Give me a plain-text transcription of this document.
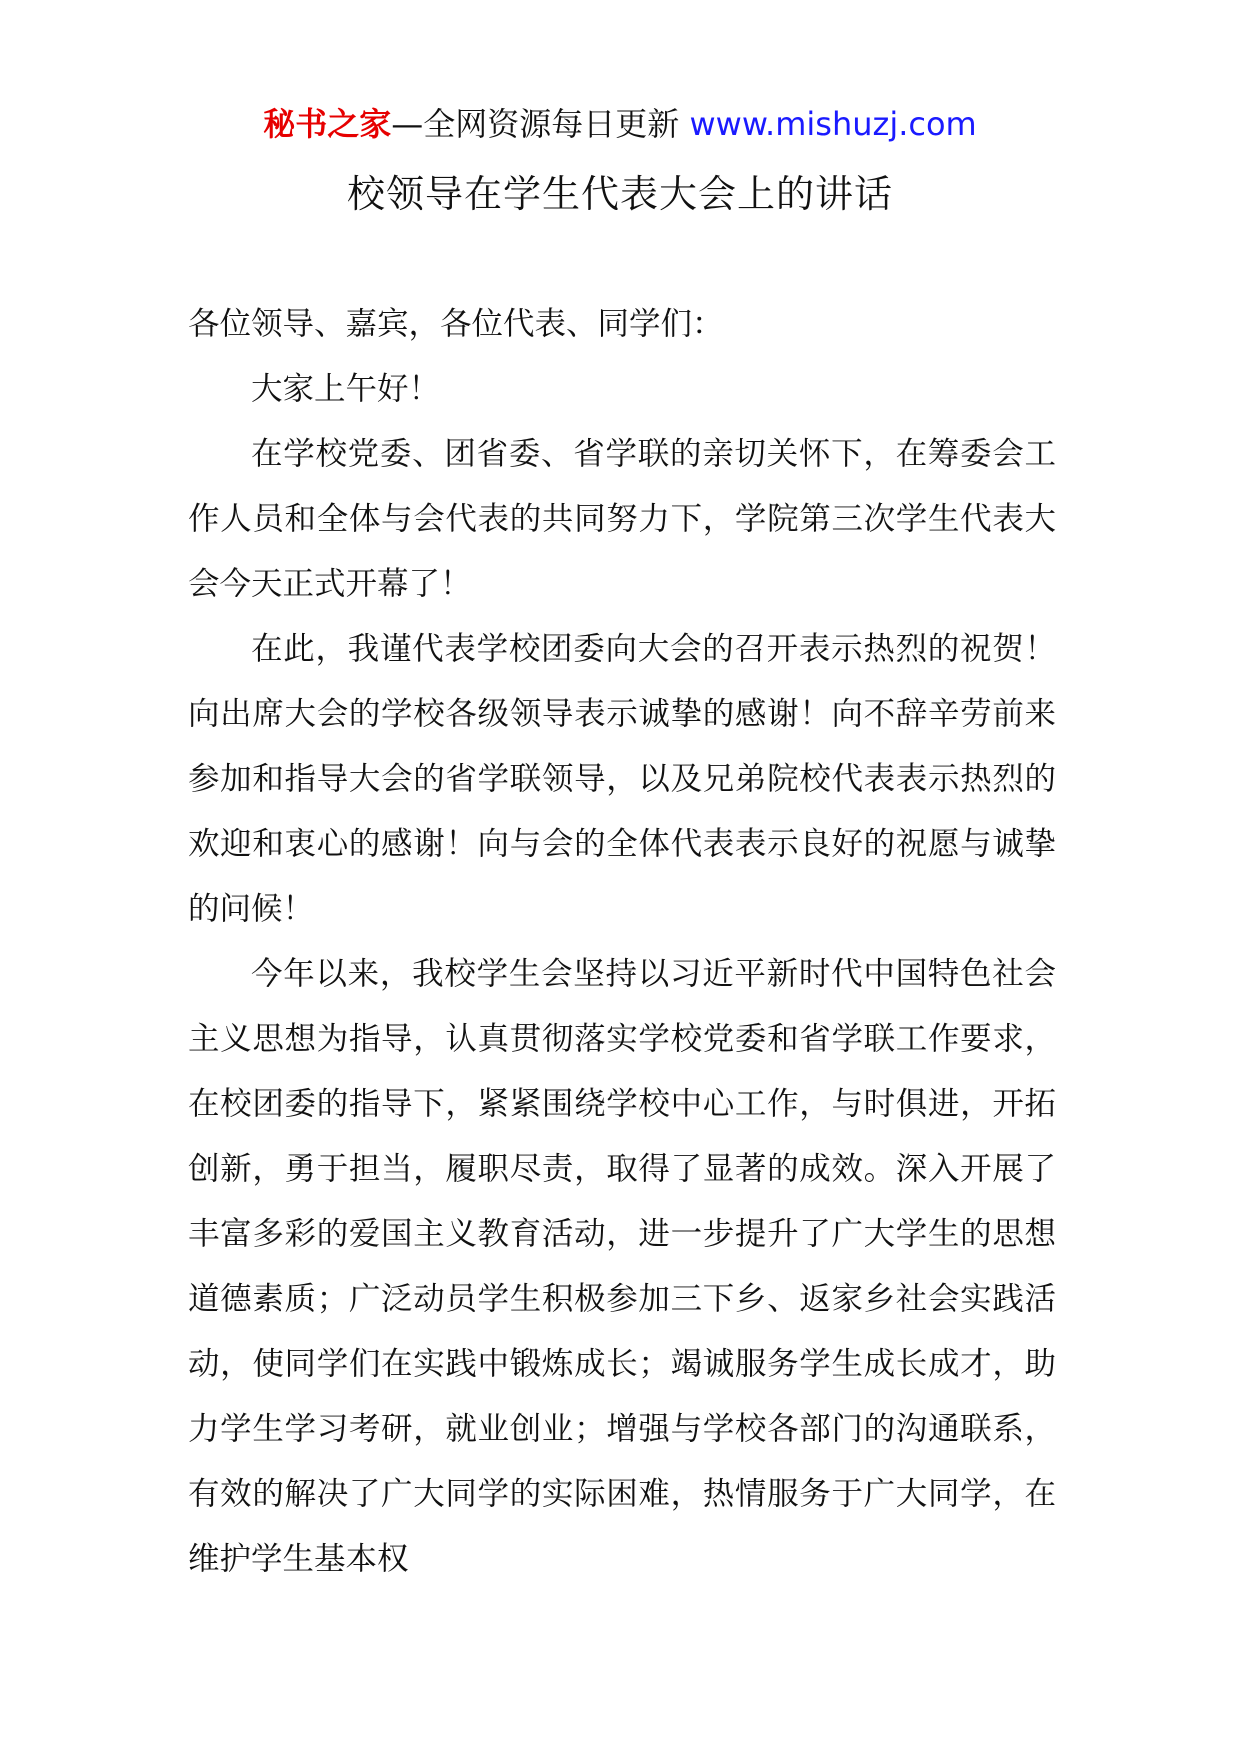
秘书之家—全网资源每日更新 www.mishuzj.com
校领导在学生代表大会上的讲话

各位领导、嘉宾，各位代表、同学们：

大家上午好！

在学校党委、团省委、省学联的亲切关怀下，在筹委会工作人员和全体与会代表的共同努力下，学院第三次学生代表大会今天正式开幕了！

在此，我谨代表学校团委向大会的召开表示热烈的祝贺！向出席大会的学校各级领导表示诚挚的感谢！向不辞辛劳前来参加和指导大会的省学联领导，以及兄弟院校代表表示热烈的欢迎和衷心的感谢！向与会的全体代表表示良好的祝愿与诚挚的问候！

今年以来，我校学生会坚持以习近平新时代中国特色社会主义思想为指导，认真贯彻落实学校党委和省学联工作要求，在校团委的指导下，紧紧围绕学校中心工作，与时俱进，开拓创新，勇于担当，履职尽责，取得了显著的成效。深入开展了丰富多彩的爱国主义教育活动，进一步提升了广大学生的思想道德素质；广泛动员学生积极参加三下乡、返家乡社会实践活动，使同学们在实践中锻炼成长；竭诚服务学生成长成才，助力学生学习考研，就业创业；增强与学校各部门的沟通联系，有效的解决了广大同学的实际困难，热情服务于广大同学，在维护学生基本权
